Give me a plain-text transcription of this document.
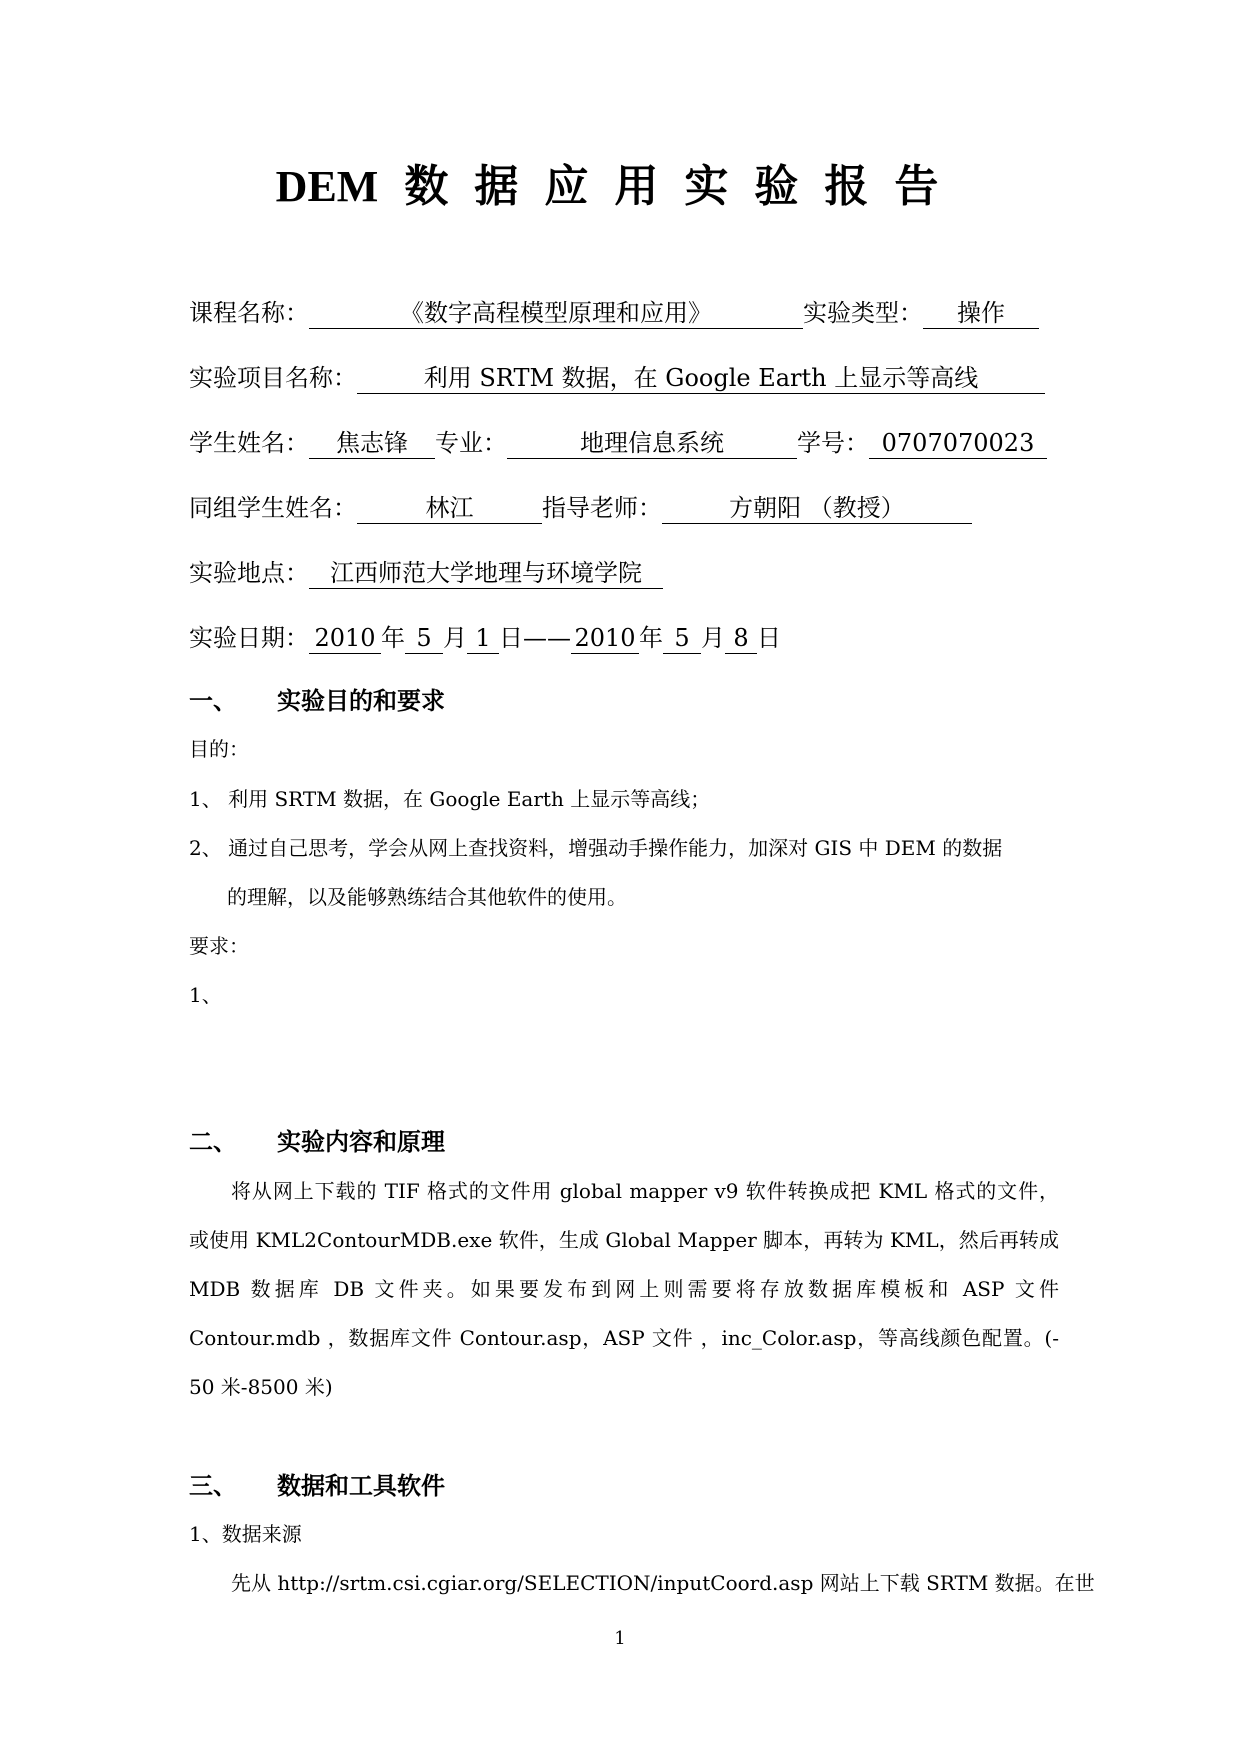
DEM 数据应用实验报告
课程名称：	《数字高程模型原理和应用》	实验类型： 操作
实验项目名称：	利用 SRTM 数据，在 Google Earth 上显示等高线
学生姓名： 焦志锋 专业：	地理信息系统	学号： 0707070023
同组学生姓名：	林江	指导老师：	方朝阳 （教授）
实验地点： 江西师范大学地理与环境学院
实验日期： 2010 年 5 月 1 日—— 2010 年 5 月 8 日
一、 实验目的和要求
目的：
1、 利用 SRTM 数据，在 Google Earth 上显示等高线；
2、 通过自己思考，学会从网上查找资料，增强动手操作能力，加深对 GIS 中 DEM 的数据
的理解，以及能够熟练结合其他软件的使用。
要求：
1、
二、 实验内容和原理
将从网上下载的 TIF 格式的文件用 global mapper v9 软件转换成把 KML 格式的文件，
或使用 KML2ContourMDB.exe 软件，生成 Global Mapper 脚本，再转为 KML，然后再转成
MDB 数据库 DB 文件夹。如果要发布到网上则需要将存放数据库模板和 ASP 文件
Contour.mdb ，数据库文件 Contour.asp，ASP 文件 ，inc_Color.asp，等高线颜色配置。(-
50 米-8500 米)
三、 数据和工具软件
1、数据来源
先从 http://srtm.csi.cgiar.org/SELECTION/inputCoord.asp 网站上下载 SRTM 数据。在世
1
